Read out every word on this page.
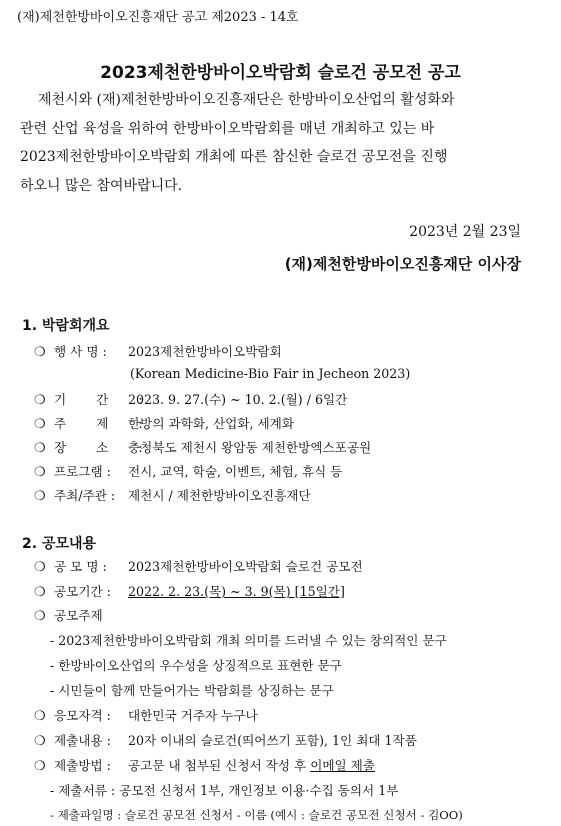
(재)제천한방바이오진흥재단 공고 제2023 - 14호
2023제천한방바이오박람회 슬로건 공모전 공고
제천시와 (재)제천한방바이오진흥재단은 한방바이오산업의 활성화와
관련 산업 육성을 위하여 한방바이오박람회를 매년 개최하고 있는 바
2023제천한방바이오박람회 개최에 따른 참신한 슬로건 공모전을 진행
하오니 많은 참여바랍니다.
2023년 2월 23일
(재)제천한방바이오진흥재단 이사장
1. 박람회개요
❍ 행 사 명 : 2023제천한방바이오박람회
(Korean Medicine-Bio Fair in Jecheon 2023)
❍ 기 간 :2023. 9. 27.(수) ~ 10. 2.(월) / 6일간
❍ 주 제 :한방의 과학화, 산업화, 세계화
❍ 장 소 :충청북도 제천시 왕암동 제천한방엑스포공원
❍ 프로그램 : 전시, 교역, 학술, 이벤트, 체험, 휴식 등
❍ 주최/주관 : 제천시 / 제천한방바이오진흥재단
2. 공모내용
❍ 공 모 명 : 2023제천한방바이오박람회 슬로건 공모전
❍ 공모기간 : 2022. 2. 23.(목) ~ 3. 9(목) [15일간]
❍ 공모주제
- 2023제천한방바이오박람회 개최 의미를 드러낼 수 있는 창의적인 문구
- 한방바이오산업의 우수성을 상징적으로 표현한 문구
- 시민들이 함께 만들어가는 박람회를 상징하는 문구
❍ 응모자격 : 대한민국 거주자 누구나
❍ 제출내용 : 20자 이내의 슬로건(띄어쓰기 포함), 1인 최대 1작품
❍ 제출방법 : 공고문 내 첨부된 신청서 작성 후 이메일 제출
- 제출서류 : 공모전 신청서 1부, 개인정보 이용·수집 동의서 1부
- 제출파일명 : 슬로건 공모전 신청서 - 이름 (예시 : 슬로건 공모전 신청서 - 김OO)
